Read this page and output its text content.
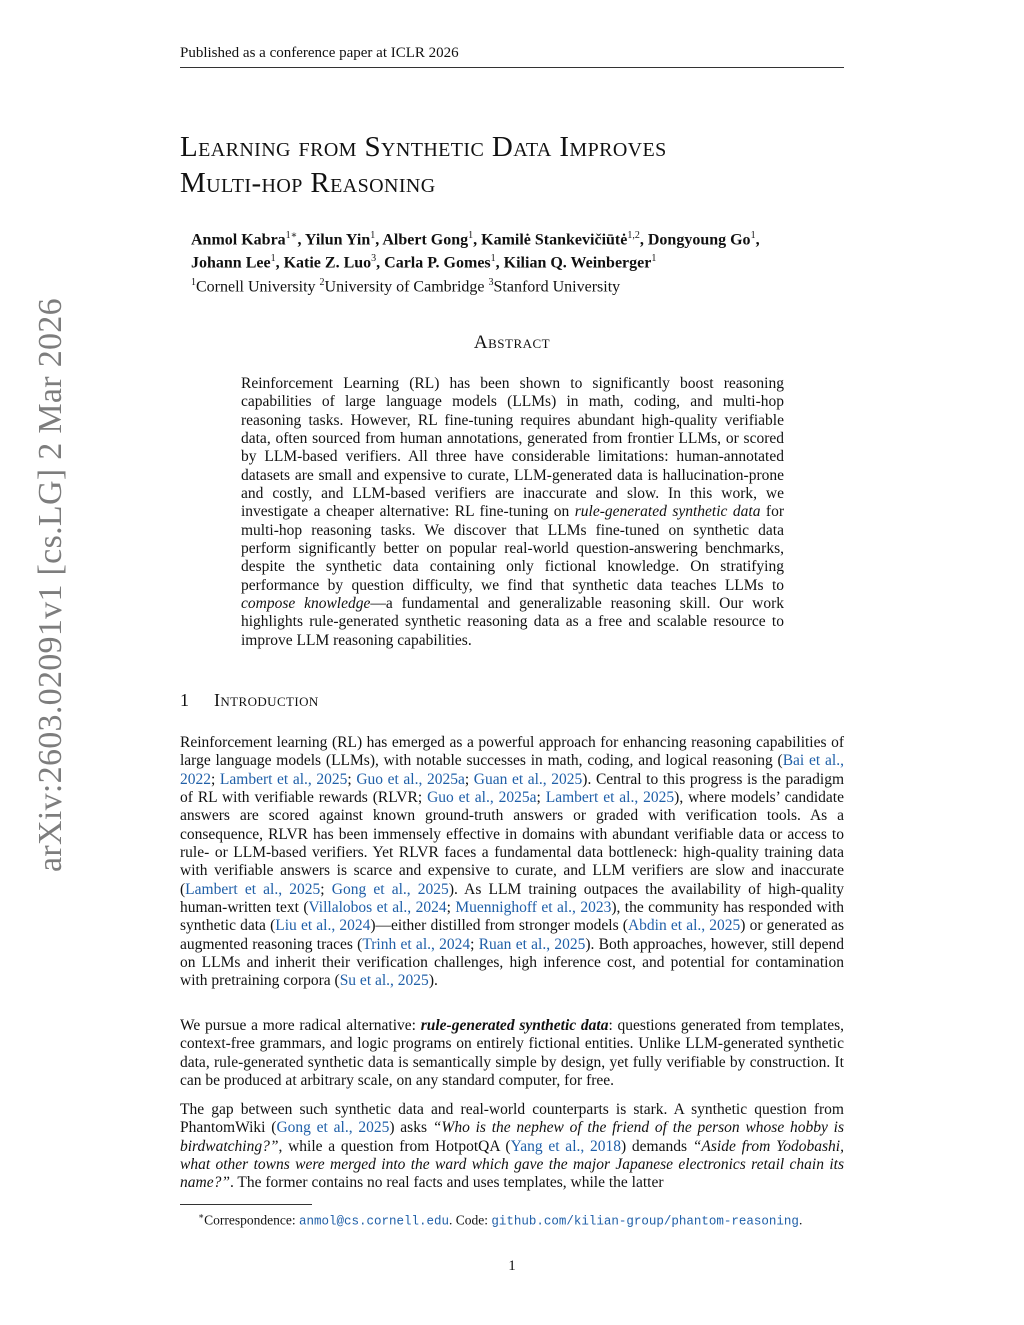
Published as a conference paper at ICLR 2026
arXiv:2603.02091v1 [cs.LG] 2 Mar 2026
Learning from Synthetic Data Improves
Multi-hop Reasoning
Anmol Kabra$^{1∗}$, Yilun Yin$^1$, Albert Gong$^1$, Kamilė Stankevičiūtė$^{1,2}$, Dongyoung Go$^1$,
Johann Lee$^1$, Katie Z. Luo$^3$, Carla P. Gomes$^1$, Kilian Q. Weinberger$^1$
$^1$Cornell University $^2$University of Cambridge $^3$Stanford University
Abstract
Reinforcement Learning (RL) has been shown to significantly boost reasoning capabilities of large language models (LLMs) in math, coding, and multi-hop reasoning tasks. However, RL fine-tuning requires abundant high-quality verifiable data, often sourced from human annotations, generated from frontier LLMs, or scored by LLM-based verifiers. All three have considerable limitations: human-annotated datasets are small and expensive to curate, LLM-generated data is hallucination-prone and costly, and LLM-based verifiers are inaccurate and slow. In this work, we investigate a cheaper alternative: RL fine-tuning on rule-generated synthetic data for multi-hop reasoning tasks. We discover that LLMs fine-tuned on synthetic data perform significantly better on popular real-world question-answering benchmarks, despite the synthetic data containing only fictional knowledge. On stratifying performance by question difficulty, we find that synthetic data teaches LLMs to compose knowledge—a fundamental and generalizable reasoning skill. Our work highlights rule-generated synthetic reasoning data as a free and scalable resource to improve LLM reasoning capabilities.
1 Introduction
Reinforcement learning (RL) has emerged as a powerful approach for enhancing reasoning capabilities of large language models (LLMs), with notable successes in math, coding, and logical reasoning (Bai et al., 2022; Lambert et al., 2025; Guo et al., 2025a; Guan et al., 2025). Central to this progress is the paradigm of RL with verifiable rewards (RLVR; Guo et al., 2025a; Lambert et al., 2025), where models’ candidate answers are scored against known ground-truth answers or graded with verification tools. As a consequence, RLVR has been immensely effective in domains with abundant verifiable data or access to rule- or LLM-based verifiers. Yet RLVR faces a fundamental data bottleneck: high-quality training data with verifiable answers is scarce and expensive to curate, and LLM verifiers are slow and inaccurate (Lambert et al., 2025; Gong et al., 2025). As LLM training outpaces the availability of high-quality human-written text (Villalobos et al., 2024; Muennighoff et al., 2023), the community has responded with synthetic data (Liu et al., 2024)—either distilled from stronger models (Abdin et al., 2025) or generated as augmented reasoning traces (Trinh et al., 2024; Ruan et al., 2025). Both approaches, however, still depend on LLMs and inherit their verification challenges, high inference cost, and potential for contamination with pretraining corpora (Su et al., 2025).
We pursue a more radical alternative: rule-generated synthetic data: questions generated from templates, context-free grammars, and logic programs on entirely fictional entities. Unlike LLM-generated synthetic data, rule-generated synthetic data is semantically simple by design, yet fully verifiable by construction. It can be produced at arbitrary scale, on any standard computer, for free.
The gap between such synthetic data and real-world counterparts is stark. A synthetic question from PhantomWiki (Gong et al., 2025) asks “Who is the nephew of the friend of the person whose hobby is birdwatching?”, while a question from HotpotQA (Yang et al., 2018) demands “Aside from Yodobashi, what other towns were merged into the ward which gave the major Japanese electronics retail chain its name?”. The former contains no real facts and uses templates, while the latter
∗Correspondence: anmol@cs.cornell.edu. Code: github.com/kilian-group/phantom-reasoning.
1
